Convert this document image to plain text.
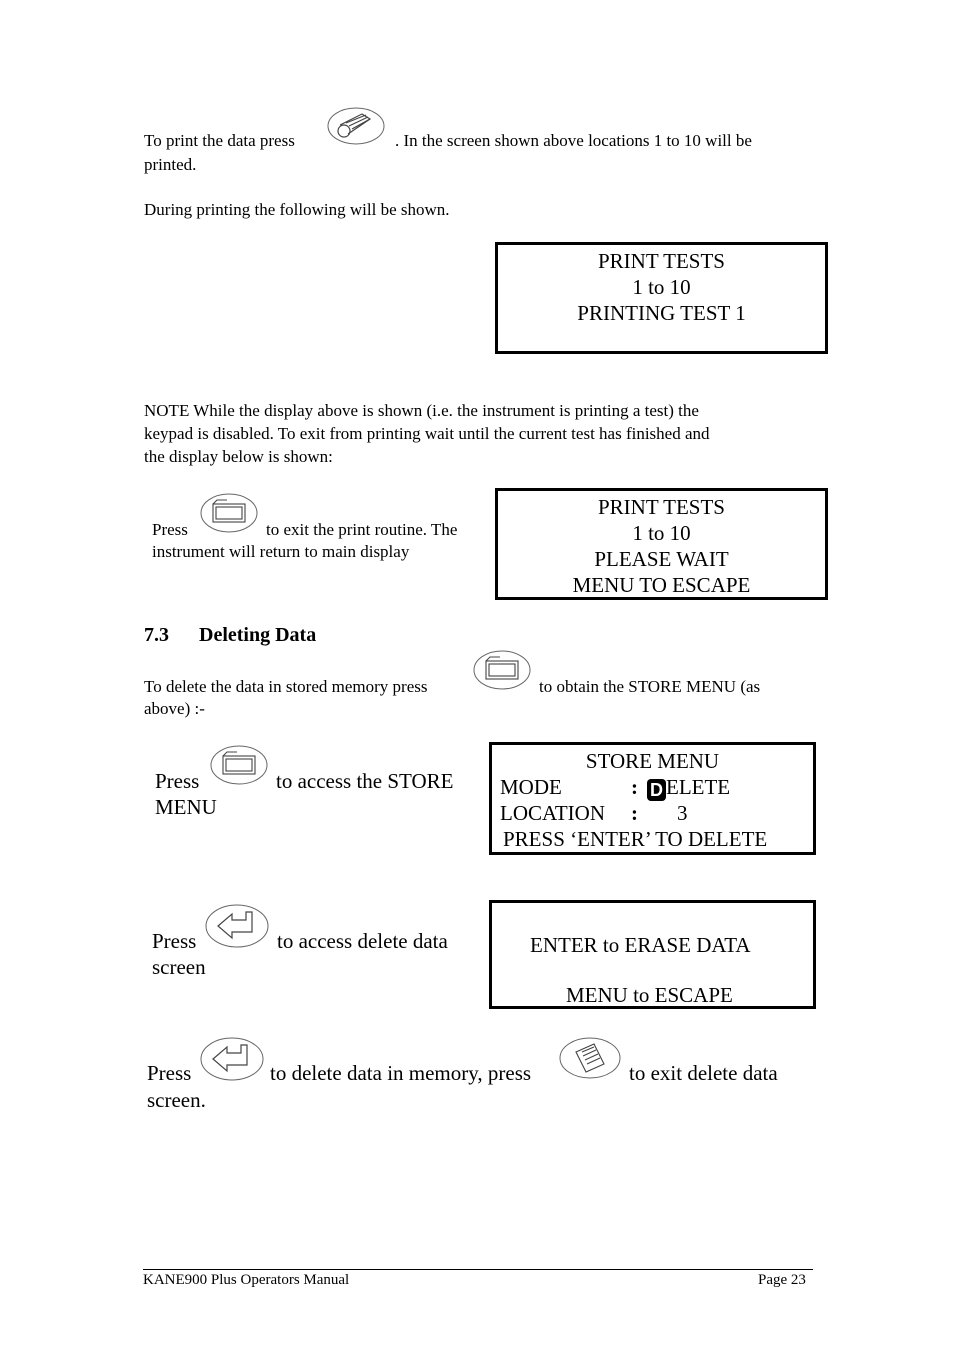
To print the data press	. In the screen shown above locations 1 to 10 will be
printed.
During printing the following will be shown.
PRINT TESTS
1 to 10
PRINTING TEST 1
NOTE While the display above is shown (i.e. the instrument is printing a test) the
keypad is disabled. To exit from printing wait until the current test has finished and
the display below is shown:
Press	to exit the print routine. The
instrument will return to main display
PRINT TESTS
1 to 10
PLEASE WAIT
MENU TO ESCAPE
7.3 Deleting Data
To delete the data in stored memory press	to obtain the STORE MENU (as
above) :-
Press	to access the STORE
MENU
STORE MENU
MODE	: D ELETE
LOCATION : 3
PRESS ‘ENTER’ TO DELETE
Press	to access delete data
screen
ENTER to ERASE DATA
MENU to ESCAPE
Press	to delete data in memory, press	to exit delete data
screen.
KANE900 Plus Operators Manual	Page 23
